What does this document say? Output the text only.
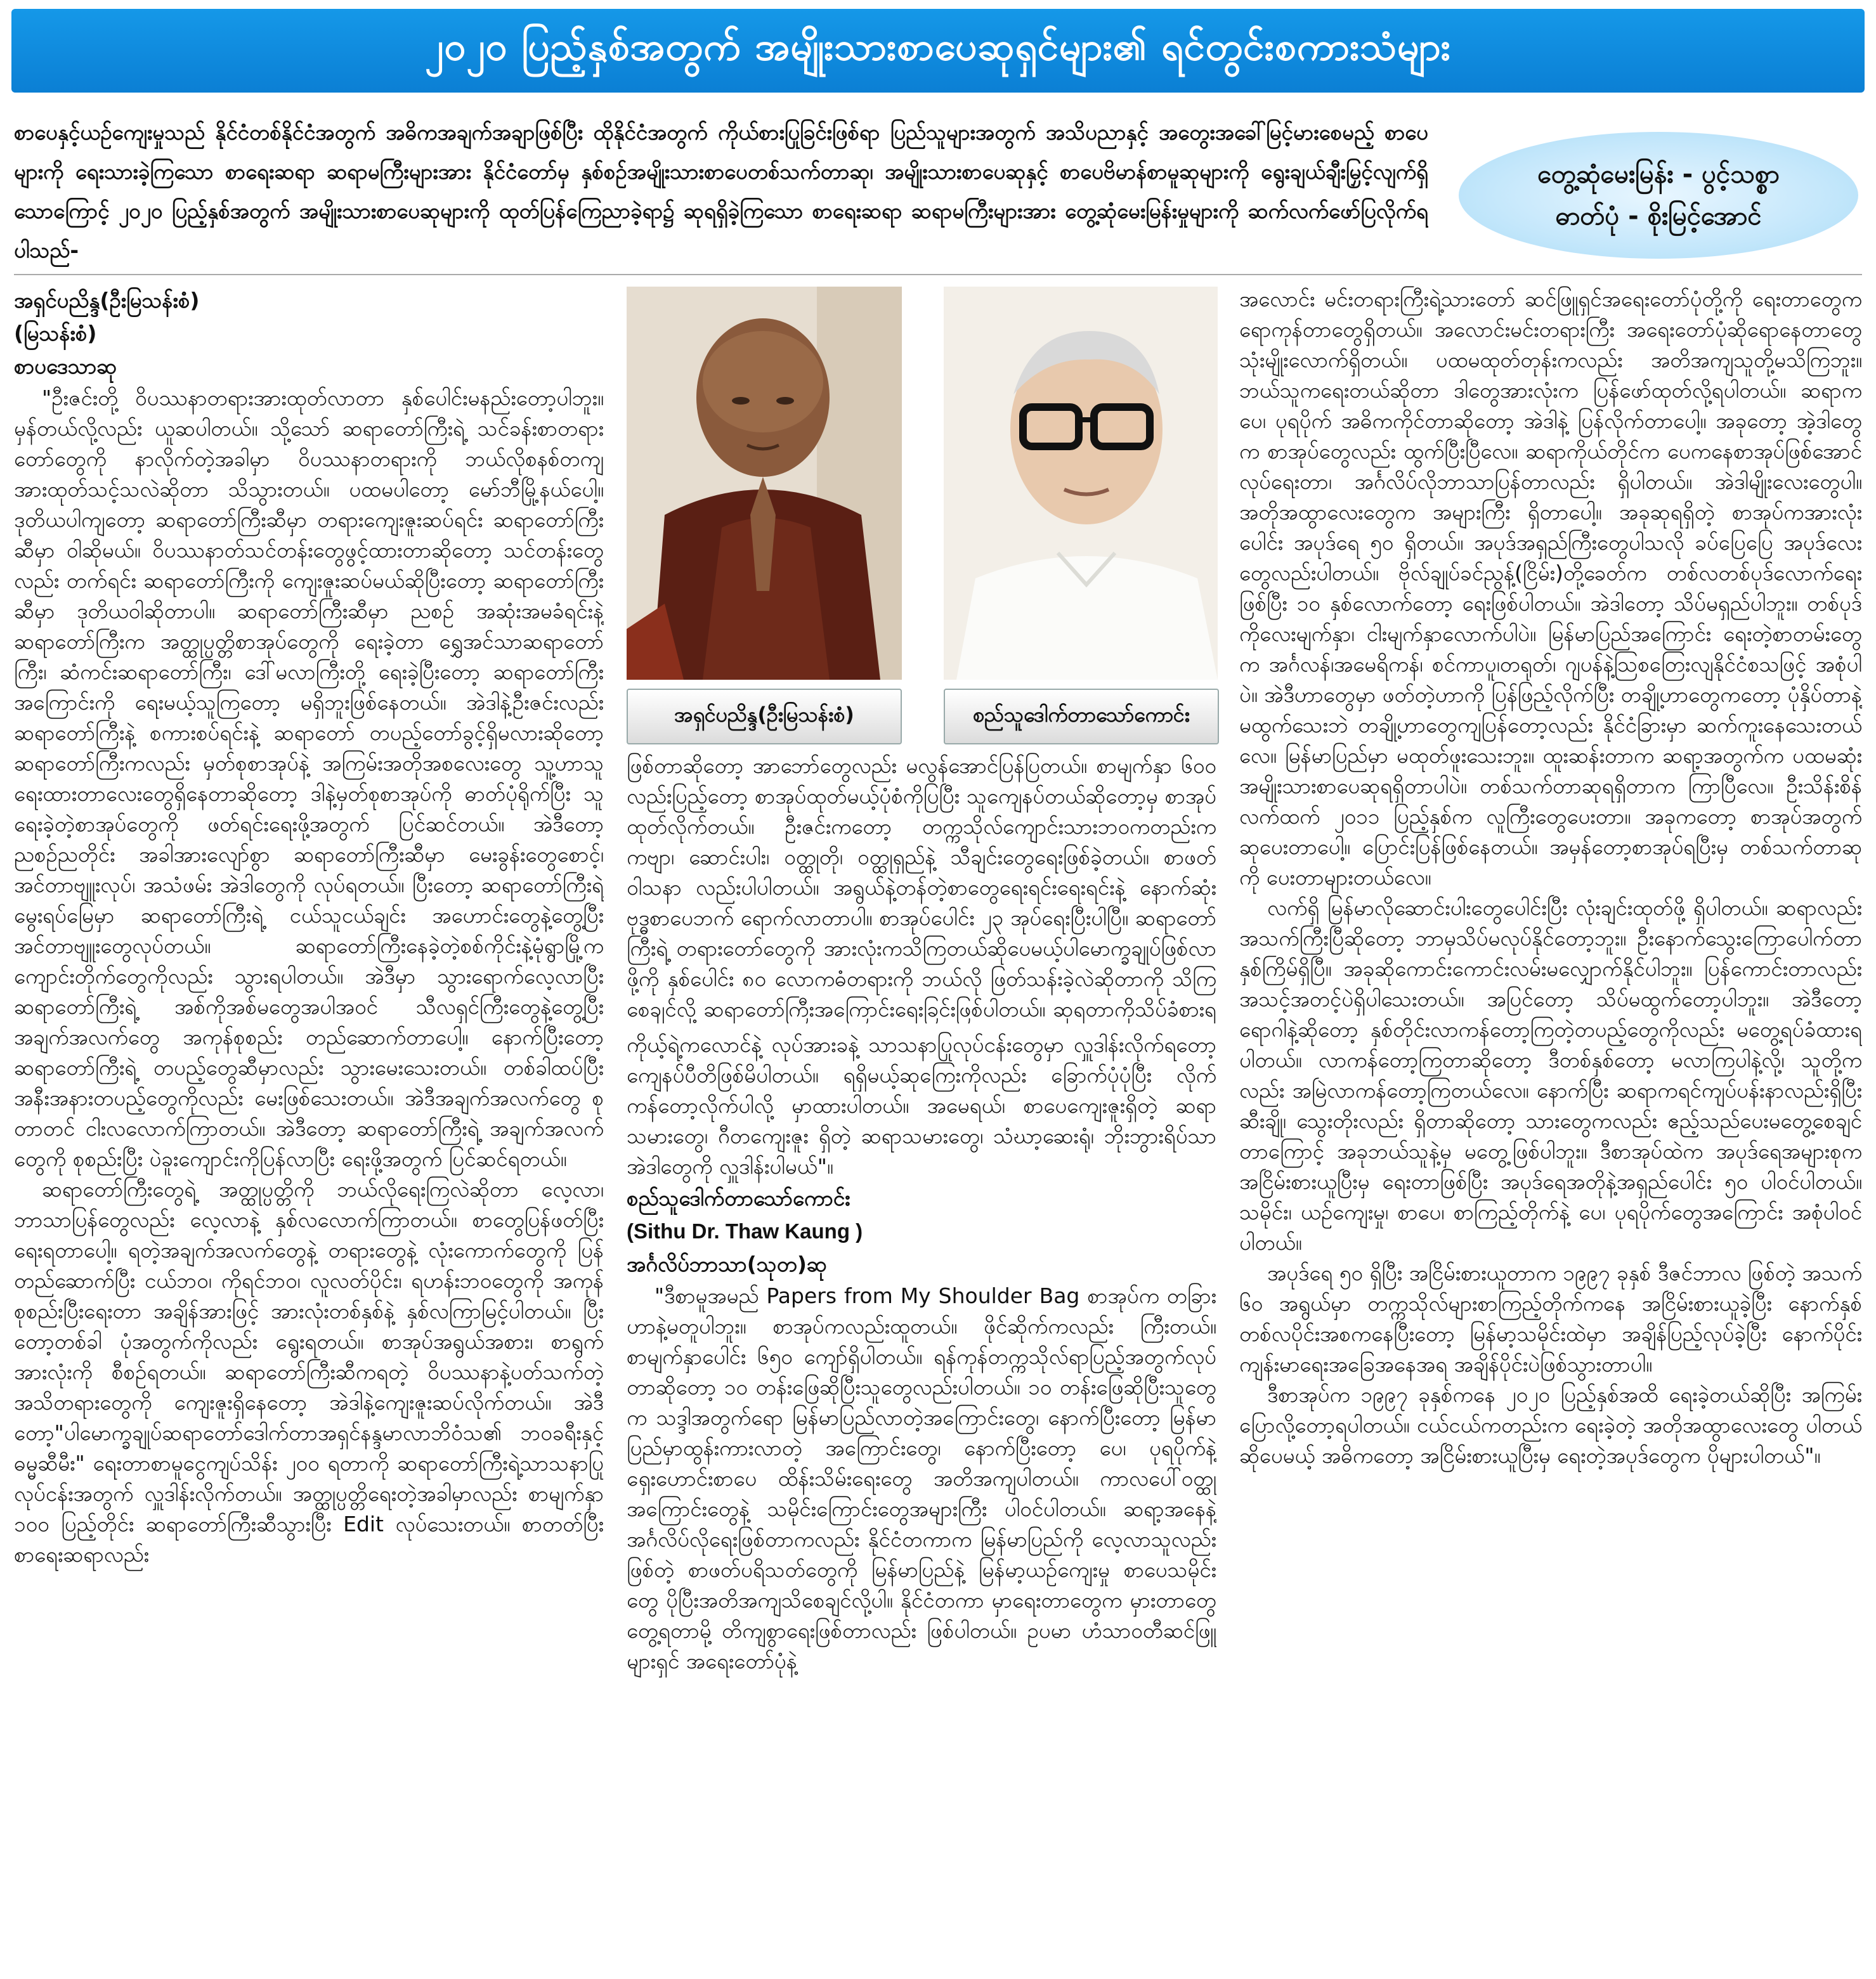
၂၀၂၀ ပြည့်နှစ်အတွက် အမျိုးသားစာပေဆုရှင်များ၏ ရင်တွင်းစကားသံများ

စာပေနှင့်ယဉ်ကျေးမှုသည် နိုင်ငံတစ်နိုင်ငံအတွက် အဓိကအချက်အချာဖြစ်ပြီး ထိုနိုင်ငံအတွက် ကိုယ်စားပြုခြင်းဖြစ်ရာ ပြည်သူများအတွက် အသိပညာနှင့် အတွေးအခေါ်မြင့်မားစေမည့် စာပေများကို ရေးသားခဲ့ကြသော စာရေးဆရာ ဆရာမကြီးများအား နိုင်ငံတော်မှ နှစ်စဉ်အမျိုးသားစာပေတစ်သက်တာဆု၊ အမျိုးသားစာပေဆုနှင့် စာပေဗိမာန်စာမူဆုများကို ရွေးချယ်ချီးမြှင့်လျက်ရှိသောကြောင့် ၂၀၂၀ ပြည့်နှစ်အတွက် အမျိုးသားစာပေဆုများကို ထုတ်ပြန်ကြေညာခဲ့ရာ၌ ဆုရရှိခဲ့ကြသော စာရေးဆရာ ဆရာမကြီးများအား တွေ့ဆုံမေးမြန်းမှုများကို ဆက်လက်ဖော်ပြလိုက်ရပါသည်-

တွေ့ဆုံမေးမြန်း - ပွင့်သစ္စာ
ဓာတ်ပုံ - စိုးမြင့်အောင်

အရှင်ပညိန္ဒ(ဦးမြသန်းစံ)

(မြသန်းစံ)

စာပဒေသာဆု

"ဦးဇင်းတို့ ဝိပဿနာတရားအားထုတ်လာတာ နှစ်ပေါင်းမနည်းတော့ပါဘူး။ မှန်တယ်လို့လည်း ယူဆပါတယ်။ သို့သော် ဆရာတော်ကြီးရဲ့ သင်ခန်းစာတရားတော်တွေကို နာလိုက်တဲ့အခါမှာ ဝိပဿနာတရားကို ဘယ်လိုစနစ်တကျ အားထုတ်သင့်သလဲဆိုတာ သိသွားတယ်။ ပထမပါတော့ မော်ဘီမြို့နယ်ပေါ့။ ဒုတိယပါကျတော့ ဆရာတော်ကြီးဆီမှာ တရားကျေးဇူးဆပ်ရင်း ဆရာတော်ကြီးဆီမှာ ဝါဆိုမယ်။ ဝိပဿနာတ်သင်တန်းတွေဖွင့်ထားတာဆိုတော့ သင်တန်းတွေလည်း တက်ရင်း ဆရာတော်ကြီးကို ကျေးဇူးဆပ်မယ်ဆိုပြီးတော့ ဆရာတော်ကြီးဆီမှာ ဒုတိယဝါဆိုတာပါ။ ဆရာတော်ကြီးဆီမှာ ညစဉ် အဆုံးအမခံရင်းနဲ့ ဆရာတော်ကြီးက အတ္ထုပ္ပတ္တိစာအုပ်တွေကို ရေးခဲ့တာ ရွှေအင်သာဆရာတော်ကြီး၊ ဆံကင်းဆရာတော်ကြီး၊ ဒေါ်မလာကြီးတို့ ရေးခဲ့ပြီးတော့ ဆရာတော်ကြီးအကြောင်းကို ရေးမယ့်သူကြတော့ မရှိဘူးဖြစ်နေတယ်။ အဲဒါနဲ့ဦးဇင်းလည်း ဆရာတော်ကြီးနဲ့ စကားစပ်ရင်းနဲ့ ဆရာတော် တပည့်တော်ခွင့်ရှိမလားဆိုတော့ ဆရာတော်ကြီးကလည်း မှတ်စုစာအုပ်နဲ့ အကြမ်းအတိုအစလေးတွေ သူ့ဟာသူရေးထားတာလေးတွေရှိနေတာဆိုတော့ ဒါနဲ့မှတ်စုစာအုပ်ကို ဓာတ်ပုံရိုက်ပြီး သူရေးခဲ့တဲ့စာအုပ်တွေကို ဖတ်ရင်းရေးဖို့အတွက် ပြင်ဆင်တယ်။ အဲဒီတော့ ညစဉ်ညတိုင်း အခါအားလျော်စွာ ဆရာတော်ကြီးဆီမှာ မေးခွန်းတွေစောင့်၊ အင်တာဗျူးလုပ်၊ အသံဖမ်း အဲဒါတွေကို လုပ်ရတယ်။ ပြီးတော့ ဆရာတော်ကြီးရဲ့မွေးရပ်မြေမှာ ဆရာတော်ကြီးရဲ့ ငယ်သူငယ်ချင်း အဟောင်းတွေနဲ့တွေ့ပြီး အင်တာဗျူးတွေလုပ်တယ်။ ဆရာတော်ကြီးနေခဲ့တဲ့စစ်ကိုင်းနဲ့မုံရွာမြို့က ကျောင်းတိုက်တွေကိုလည်း သွားရပါတယ်။ အဲဒီမှာ သွားရောက်လေ့လာပြီး ဆရာတော်ကြီးရဲ့ အစ်ကိုအစ်မတွေအပါအဝင် သီလရှင်ကြီးတွေနဲ့တွေ့ပြီး အချက်အလက်တွေ အကုန်စုစည်း တည်ဆောက်တာပေါ့။ နောက်ပြီးတော့ ဆရာတော်ကြီးရဲ့ တပည့်တွေဆီမှာလည်း သွားမေးသေးတယ်။ တစ်ခါထပ်ပြီးအနီးအနားတပည့်တွေကိုလည်း မေးဖြစ်သေးတယ်။ အဲဒီအချက်အလက်တွေ စုတာတင် ငါးလလောက်ကြာတယ်။ အဲဒီတော့ ဆရာတော်ကြီးရဲ့ အချက်အလက်တွေကို စုစည်းပြီး ပဲခူးကျောင်းကိုပြန်လာပြီး ရေးဖို့အတွက် ပြင်ဆင်ရတယ်။

ဆရာတော်ကြီးတွေရဲ့ အတ္ထုပ္ပတ္တိကို ဘယ်လိုရေးကြလဲဆိုတာ လေ့လာ၊ ဘာသာပြန်တွေလည်း လေ့လာနဲ့ နှစ်လလောက်ကြာတယ်။ စာတွေပြန်ဖတ်ပြီး ရေးရတာပေါ့။ ရတဲ့အချက်အလက်တွေနဲ့ တရားတွေနဲ့ လုံးကောက်တွေကို ပြန်တည်ဆောက်ပြီး ငယ်ဘဝ၊ ကိုရင်ဘဝ၊ လူလတ်ပိုင်း၊ ရဟန်းဘဝတွေကို အကုန်စုစည်းပြီးရေးတာ အချိန်အားဖြင့် အားလုံးတစ်နှစ်နဲ့ နှစ်လကြာမြင့်ပါတယ်။ ပြီးတော့တစ်ခါ ပုံအတွက်ကိုလည်း ရွေးရတယ်။ စာအုပ်အရွယ်အစား၊ စာရွက်အားလုံးကို စီစဉ်ရတယ်။ ဆရာတော်ကြီးဆီကရတဲ့ ဝိပဿနာနဲ့ပတ်သက်တဲ့ အသိတရားတွေကို ကျေးဇူးရှိနေတော့ အဲဒါနဲ့ကျေးဇူးဆပ်လိုက်တယ်။ အဲဒီတော့"ပါမောက္ခချုပ်ဆရာတော်ဒေါက်တာအရှင်နန္ဒမာလာဘိဝံသ၏ ဘဝခရီးနှင့်ဓမ္မဆီမီး" ရေးတာစာမူငွေကျပ်သိန်း ၂၀၀ ရတာကို ဆရာတော်ကြီးရဲ့သာသနာပြုလုပ်ငန်းအတွက် လှူဒါန်းလိုက်တယ်။ အတ္ထုပ္ပတ္တိရေးတဲ့အခါမှာလည်း စာမျက်နှာ ၁၀၀ ပြည့်တိုင်း ဆရာတော်ကြီးဆီသွားပြီး Edit လုပ်သေးတယ်။ စာတတ်ပြီး စာရေးဆရာလည်း

အရှင်ပညိန္ဒ(ဦးမြသန်းစံ)	စည်သူဒေါက်တာသော်ကောင်း

ဖြစ်တာဆိုတော့ အာဘော်တွေလည်း မလွန်အောင်ပြန်ပြတယ်။ စာမျက်နှာ ၆၀၀ လည်းပြည့်တော့ စာအုပ်ထုတ်မယ့်ပုံစံကိုပြပြီး သူကျေနပ်တယ်ဆိုတော့မှ စာအုပ်ထုတ်လိုက်တယ်။ ဦးဇင်းကတော့ တက္ကသိုလ်ကျောင်းသားဘဝကတည်းက ကဗျာ၊ ဆောင်းပါး၊ ဝတ္ထုတို၊ ဝတ္ထုရှည်နဲ့ သီချင်းတွေရေးဖြစ်ခဲ့တယ်။ စာဖတ်ဝါသနာ လည်းပါပါတယ်။ အရွယ်နဲ့တန်တဲ့စာတွေရေးရင်းရေးရင်းနဲ့ နောက်ဆုံး ဗုဒ္ဓစာပေဘက် ရောက်လာတာပါ။ စာအုပ်ပေါင်း ၂၃ အုပ်ရေးပြီးပါပြီ။ ဆရာတော်ကြီးရဲ့ တရားတော်တွေကို အားလုံးကသိကြတယ်ဆိုပေမယ့်ပါမောက္ခချုပ်ဖြစ်လာဖို့ကို နှစ်ပေါင်း ၈၀ လောကဓံတရားကို ဘယ်လို ဖြတ်သန်းခဲ့လဲဆိုတာကို သိကြစေချင်လို့ ဆရာတော်ကြီးအကြောင်းရေးခြင်းဖြစ်ပါတယ်။ ဆုရတာကိုသိပ်ခံစားရ

ကိုယ့်ရဲ့ကလောင်နဲ့ လုပ်အားခနဲ့ သာသနာပြုလုပ်ငန်းတွေမှာ လှူဒါန်းလိုက်ရတော့ ကျေနပ်ပီတိဖြစ်မိပါတယ်။ ရရှိမယ့်ဆုကြေးကိုလည်း ခြောက်ပုံပုံပြီး လိုက်ကန်တော့လိုက်ပါလို့ မှာထားပါတယ်။ အမေရယ်၊ စာပေကျေးဇူးရှိတဲ့ ဆရာသမားတွေ၊ ဂီတကျေးဇူး ရှိတဲ့ ဆရာသမားတွေ၊ သံဃာ့ဆေးရုံ၊ ဘိုးဘွားရိပ်သာ အဲဒါတွေကို လှူဒါန်းပါမယ်"။

စည်သူဒေါက်တာသော်ကောင်း

(Sithu Dr. Thaw Kaung )

အင်္ဂလိပ်ဘာသာ(သုတ)ဆု

"ဒီစာမူအမည် Papers from My Shoulder Bag စာအုပ်က တခြားဟာနဲ့မတူပါဘူး။ စာအုပ်ကလည်းထူတယ်။ ဖိုင်ဆိုက်ကလည်း ကြီးတယ်။ စာမျက်နှာပေါင်း ၆၅၀ ကျော်ရှိပါတယ်။ ရန်ကုန်တက္ကသိုလ်ရာပြည့်အတွက်လုပ်တာဆိုတော့ ၁၀ တန်းဖြေဆိုပြီးသူတွေလည်းပါတယ်။ ၁၀ တန်းဖြေဆိုပြီးသူတွေက သဒ္ဒါအတွက်ရော မြန်မာပြည်လာတဲ့အကြောင်းတွေ၊ နောက်ပြီးတော့ မြန်မာပြည်မှာထွန်းကားလာတဲ့ အကြောင်းတွေ၊ နောက်ပြီးတော့ ပေ၊ ပုရပိုက်နဲ့ရှေးဟောင်းစာပေ ထိန်းသိမ်းရေးတွေ အတိအကျပါတယ်။ ကာလပေါ်ဝတ္ထုအကြောင်းတွေနဲ့ သမိုင်းကြောင်းတွေအများကြီး ပါဝင်ပါတယ်။ ဆရာ့အနေနဲ့ အင်္ဂလိပ်လိုရေးဖြစ်တာကလည်း နိုင်ငံတကာက မြန်မာပြည်ကို လေ့လာသူလည်းဖြစ်တဲ့ စာဖတ်ပရိသတ်တွေကို မြန်မာပြည်နဲ့ မြန်မာ့ယဉ်ကျေးမှု စာပေသမိုင်းတွေ ပိုပြီးအတိအကျသိစေချင်လို့ပါ။ နိုင်ငံတကာ မှာရေးတာတွေက မှားတာတွေတွေ့ရတာမို့ တိကျစွာရေးဖြစ်တာလည်း ဖြစ်ပါတယ်။ ဥပမာ ဟံသာဝတီဆင်ဖြူများရှင် အရေးတော်ပုံနဲ့

အလောင်း မင်းတရားကြီးရဲ့သားတော် ဆင်ဖြူရှင်အရေးတော်ပုံတို့ကို ရေးတာတွေက ရောကုန်တာတွေရှိတယ်။ အလောင်းမင်းတရားကြီး အရေးတော်ပုံဆိုရောနေတာတွေ သုံးမျိုးလောက်ရှိတယ်။ ပထမထုတ်တုန်းကလည်း အတိအကျသူတို့မသိကြဘူး။ ဘယ်သူကရေးတယ်ဆိုတာ ဒါတွေအားလုံးက ပြန်ဖော်ထုတ်လို့ရပါတယ်။ ဆရာက ပေ၊ ပုရပိုက် အဓိကကိုင်တာဆိုတော့ အဲဒါနဲ့ ပြန်လိုက်တာပေါ့။ အခုတော့ အဲ့ဒါတွေက စာအုပ်တွေလည်း ထွက်ပြီးပြီလေ။ ဆရာကိုယ်တိုင်က ပေကနေစာအုပ်ဖြစ်အောင် လုပ်ရေးတာ၊ အင်္ဂလိပ်လိုဘာသာပြန်တာလည်း ရှိပါတယ်။ အဲဒါမျိုးလေးတွေပါ။ အတိုအထွာလေးတွေက အများကြီး ရှိတာပေါ့။ အခုဆုရရှိတဲ့ စာအုပ်ကအားလုံးပေါင်း အပုဒ်ရေ ၅၀ ရှိတယ်။ အပုဒ်အရှည်ကြီးတွေပါသလို ခပ်ပြေပြေ အပုဒ်လေးတွေလည်းပါတယ်။ ဗိုလ်ချုပ်ခင်ညွန့်(ငြိမ်း)တို့ခေတ်က တစ်လတစ်ပုဒ်လောက်ရေးဖြစ်ပြီး ၁၀ နှစ်လောက်တော့ ရေးဖြစ်ပါတယ်။ အဲဒါတော့ သိပ်မရှည်ပါဘူး။ တစ်ပုဒ်ကိုလေးမျက်နှာ၊ ငါးမျက်နှာလောက်ပါပဲ။ မြန်မာပြည်အကြောင်း ရေးတဲ့စာတမ်းတွေက အင်္ဂလန်၊အမေရိကန်၊ စင်ကာပူ၊တရုတ်၊ ဂျပန်နဲ့ဩစတြေးလျနိုင်ငံစသဖြင့် အစုံပါပဲ။ အဲဒီဟာတွေမှာ ဖတ်တဲ့ဟာကို ပြန်ဖြည့်လိုက်ပြီး တချို့ဟာတွေကတော့ ပုံနှိပ်တာနဲ့ မထွက်သေးဘဲ တချို့ဟာတွေကျပြန်တော့လည်း နိုင်ငံခြားမှာ ဆက်ကူးနေသေးတယ်လေ။ မြန်မာပြည်မှာ မထုတ်ဖူးသေးဘူး။ ထူးဆန်းတာက ဆရာ့အတွက်က ပထမဆုံးအမျိုးသားစာပေဆုရရှိတာပါပဲ။ တစ်သက်တာဆုရရှိတာက ကြာပြီလေ။ ဦးသိန်းစိန်လက်ထက် ၂၀၁၁ ပြည့်နှစ်က လူကြီးတွေပေးတာ။ အခုကတော့ စာအုပ်အတွက် ဆုပေးတာပေါ့။ ပြောင်းပြန်ဖြစ်နေတယ်။ အမှန်တော့စာအုပ်ရပြီးမှ တစ်သက်တာဆုကို ပေးတာများတယ်လေ။

လက်ရှိ မြန်မာလိုဆောင်းပါးတွေပေါင်းပြီး လုံးချင်းထုတ်ဖို့ ရှိပါတယ်။ ဆရာလည်းအသက်ကြီးပြီဆိုတော့ ဘာမှသိပ်မလုပ်နိုင်တော့ဘူး။ ဦးနောက်သွေးကြောပေါက်တာ နှစ်ကြိမ်ရှိပြီ။ အခုဆိုကောင်းကောင်းလမ်းမလျှောက်နိုင်ပါဘူး။ ပြန်ကောင်းတာလည်း အသင့်အတင့်ပဲရှိပါသေးတယ်။ အပြင်တော့ သိပ်မထွက်တော့ပါဘူး။ အဲဒီတော့ ရောဂါနဲ့ဆိုတော့ နှစ်တိုင်းလာကန်တော့ကြတဲ့တပည့်တွေကိုလည်း မတွေ့ရပ်ခံထားရပါတယ်။ လာကန်တော့ကြတာဆိုတော့ ဒီတစ်နှစ်တော့ မလာကြပါနဲ့လို့၊ သူတို့ကလည်း အမြဲလာကန်တော့ကြတယ်လေ။ နောက်ပြီး ဆရာကရင်ကျပ်ပန်းနာလည်းရှိပြီး ဆီးချို၊ သွေးတိုးလည်း ရှိတာဆိုတော့ သားတွေကလည်း ဧည့်သည်ပေးမတွေ့စေချင်တာကြောင့် အခုဘယ်သူနဲ့မှ မတွေ့ဖြစ်ပါဘူး။ ဒီစာအုပ်ထဲက အပုဒ်ရေအများစုက အငြိမ်းစားယူပြီးမှ ရေးတာဖြစ်ပြီး အပုဒ်ရေအတိုနဲ့အရှည်ပေါင်း ၅၀ ပါဝင်ပါတယ်။ သမိုင်း၊ ယဉ်ကျေးမှု၊ စာပေ၊ စာကြည့်တိုက်နဲ့ ပေ၊ ပုရပိုက်တွေအကြောင်း အစုံပါဝင်ပါတယ်။

အပုဒ်ရေ ၅၀ ရှိပြီး အငြိမ်းစားယူတာက ၁၉၉၇ ခုနှစ် ဒီဇင်ဘာလ ဖြစ်တဲ့ အသက် ၆၀ အရွယ်မှာ တက္ကသိုလ်များစာကြည့်တိုက်ကနေ အငြိမ်းစားယူခဲ့ပြီး နောက်နှစ် တစ်လပိုင်းအစကနေပြီးတော့ မြန်မာ့သမိုင်းထဲမှာ အချိန်ပြည့်လုပ်ခဲ့ပြီး နောက်ပိုင်းကျန်းမာရေးအခြေအနေအရ အချိန်ပိုင်းပဲဖြစ်သွားတာပါ။

ဒီစာအုပ်က ၁၉၉၇ ခုနှစ်ကနေ ၂၀၂၀ ပြည့်နှစ်အထိ ရေးခဲ့တယ်ဆိုပြီး အကြမ်းပြောလို့တော့ရပါတယ်။ ငယ်ငယ်ကတည်းက ရေးခဲ့တဲ့ အတိုအထွာလေးတွေ ပါတယ်ဆိုပေမယ့် အဓိကတော့ အငြိမ်းစားယူပြီးမှ ရေးတဲ့အပုဒ်တွေက ပိုများပါတယ်"။
